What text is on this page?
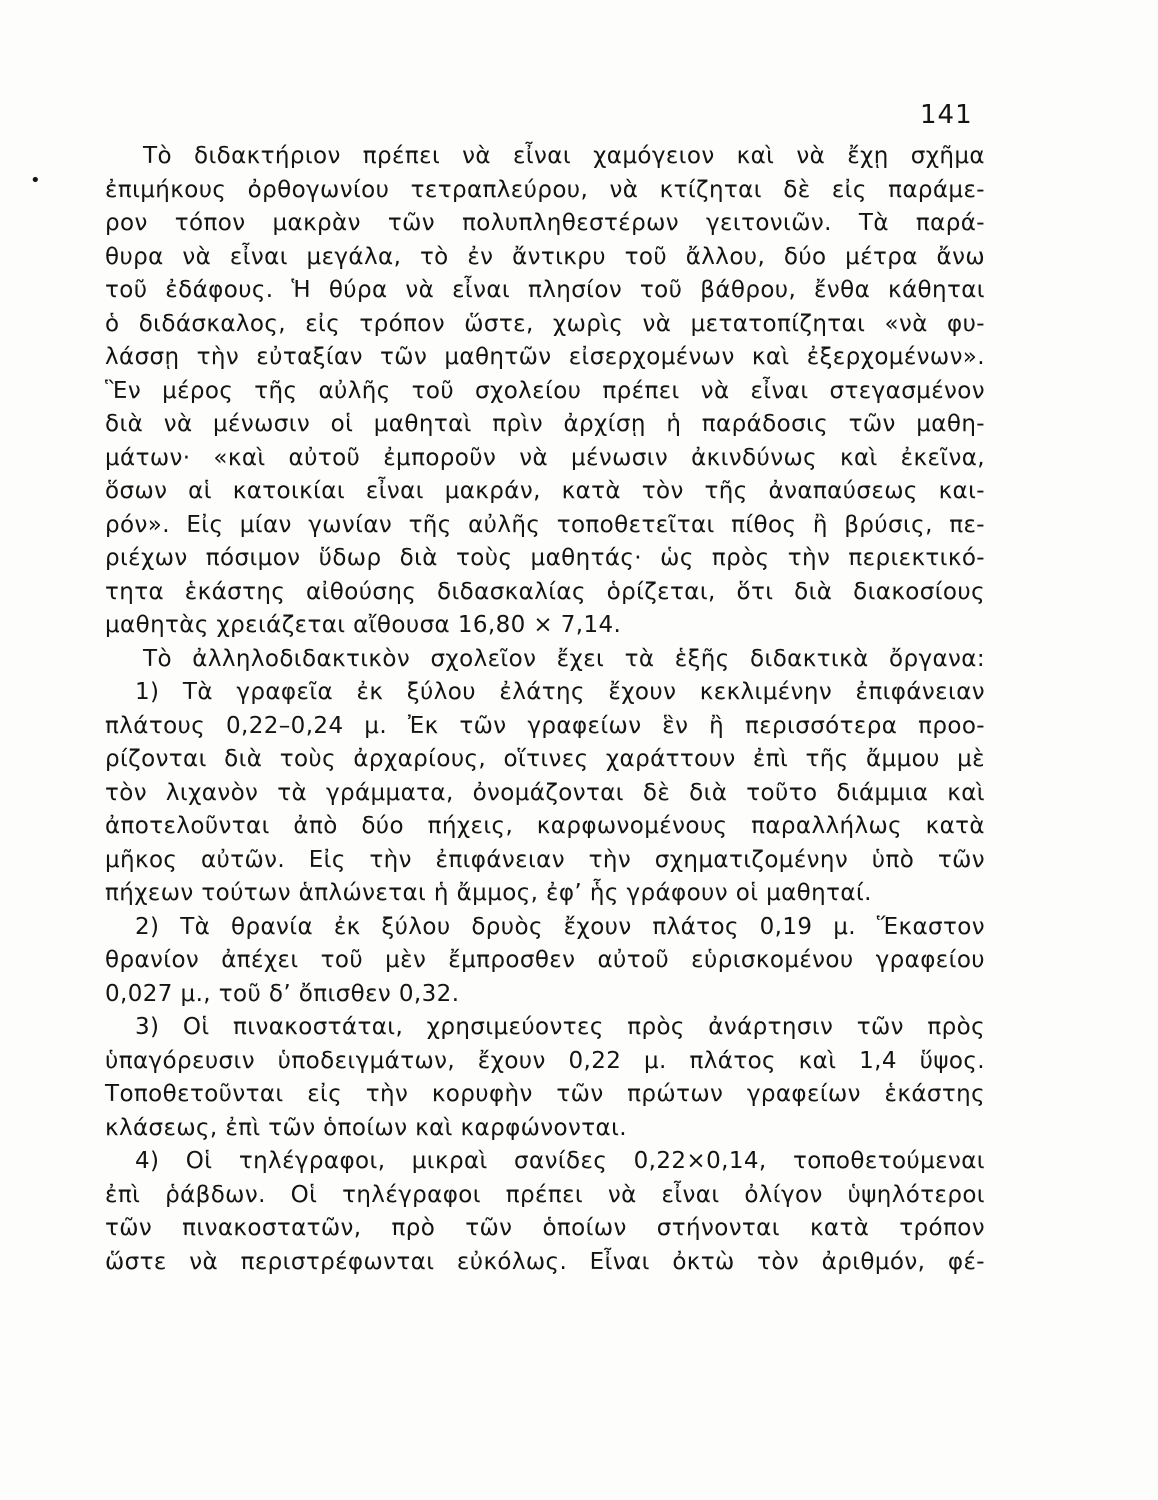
141
•
Τὸ διδακτήριον πρέπει νὰ εἶναι χαμόγειον καὶ νὰ ἔχῃ σχῆμα
ἐπιμήκους ὀρθογωνίου τετραπλεύρου, νὰ κτίζηται δὲ εἰς παράμε-
ρον τόπον μακρὰν τῶν πολυπληθεστέρων γειτονιῶν. Τὰ παρά-
θυρα νὰ εἶναι μεγάλα, τὸ ἐν ἄντικρυ τοῦ ἄλλου, δύο μέτρα ἄνω
τοῦ ἐδάφους. Ἡ θύρα νὰ εἶναι πλησίον τοῦ βάθρου, ἔνθα κάθηται
ὁ διδάσκαλος, εἰς τρόπον ὥστε, χωρὶς νὰ μετατοπίζηται «νὰ φυ-
λάσσῃ τὴν εὐταξίαν τῶν μαθητῶν εἰσερχομένων καὶ ἐξερχομένων».
Ἓν μέρος τῆς αὐλῆς τοῦ σχολείου πρέπει νὰ εἶναι στεγασμένον
διὰ νὰ μένωσιν οἱ μαθηταὶ πρὶν ἀρχίσῃ ἡ παράδοσις τῶν μαθη-
μάτων· «καὶ αὐτοῦ ἐμποροῦν νὰ μένωσιν ἀκινδύνως καὶ ἐκεῖνα,
ὅσων αἱ κατοικίαι εἶναι μακράν, κατὰ τὸν τῆς ἀναπαύσεως και-
ρόν». Εἰς μίαν γωνίαν τῆς αὐλῆς τοποθετεῖται πίθος ἢ βρύσις, πε-
ριέχων πόσιμον ὕδωρ διὰ τοὺς μαθητάς· ὡς πρὸς τὴν περιεκτικό-
τητα ἑκάστης αἰθούσης διδασκαλίας ὁρίζεται, ὅτι διὰ διακοσίους
μαθητὰς χρειάζεται αἴθουσα 16,80 × 7,14.
Τὸ ἀλληλοδιδακτικὸν σχολεῖον ἔχει τὰ ἑξῆς διδακτικὰ ὄργανα:
1) Τὰ γραφεῖα ἐκ ξύλου ἐλάτης ἔχουν κεκλιμένην ἐπιφάνειαν
πλάτους 0,22–0,24 μ. Ἐκ τῶν γραφείων ἓν ἢ περισσότερα προο-
ρίζονται διὰ τοὺς ἀρχαρίους, οἵτινες χαράττουν ἐπὶ τῆς ἄμμου μὲ
τὸν λιχανὸν τὰ γράμματα, ὀνομάζονται δὲ διὰ τοῦτο διάμμια καὶ
ἀποτελοῦνται ἀπὸ δύο πήχεις, καρφωνομένους παραλλήλως κατὰ
μῆκος αὐτῶν. Εἰς τὴν ἐπιφάνειαν τὴν σχηματιζομένην ὑπὸ τῶν
πήχεων τούτων ἁπλώνεται ἡ ἄμμος, ἐφ’ ἧς γράφουν οἱ μαθηταί.
2) Τὰ θρανία ἐκ ξύλου δρυὸς ἔχουν πλάτος 0,19 μ. Ἕκαστον
θρανίον ἀπέχει τοῦ μὲν ἔμπροσθεν αὐτοῦ εὑρισκομένου γραφείου
0,027 μ., τοῦ δ’ ὄπισθεν 0,32.
3) Οἱ πινακοστάται, χρησιμεύοντες πρὸς ἀνάρτησιν τῶν πρὸς
ὑπαγόρευσιν ὑποδειγμάτων, ἔχουν 0,22 μ. πλάτος καὶ 1,4 ὕψος.
Τοποθετοῦνται εἰς τὴν κορυφὴν τῶν πρώτων γραφείων ἑκάστης
κλάσεως, ἐπὶ τῶν ὁποίων καὶ καρφώνονται.
4) Οἱ τηλέγραφοι, μικραὶ σανίδες 0,22×0,14, τοποθετούμεναι
ἐπὶ ῥάβδων. Οἱ τηλέγραφοι πρέπει νὰ εἶναι ὀλίγον ὑψηλότεροι
τῶν πινακοστατῶν, πρὸ τῶν ὁποίων στήνονται κατὰ τρόπον
ὥστε νὰ περιστρέφωνται εὐκόλως. Εἶναι ὀκτὼ τὸν ἀριθμόν, φέ-
